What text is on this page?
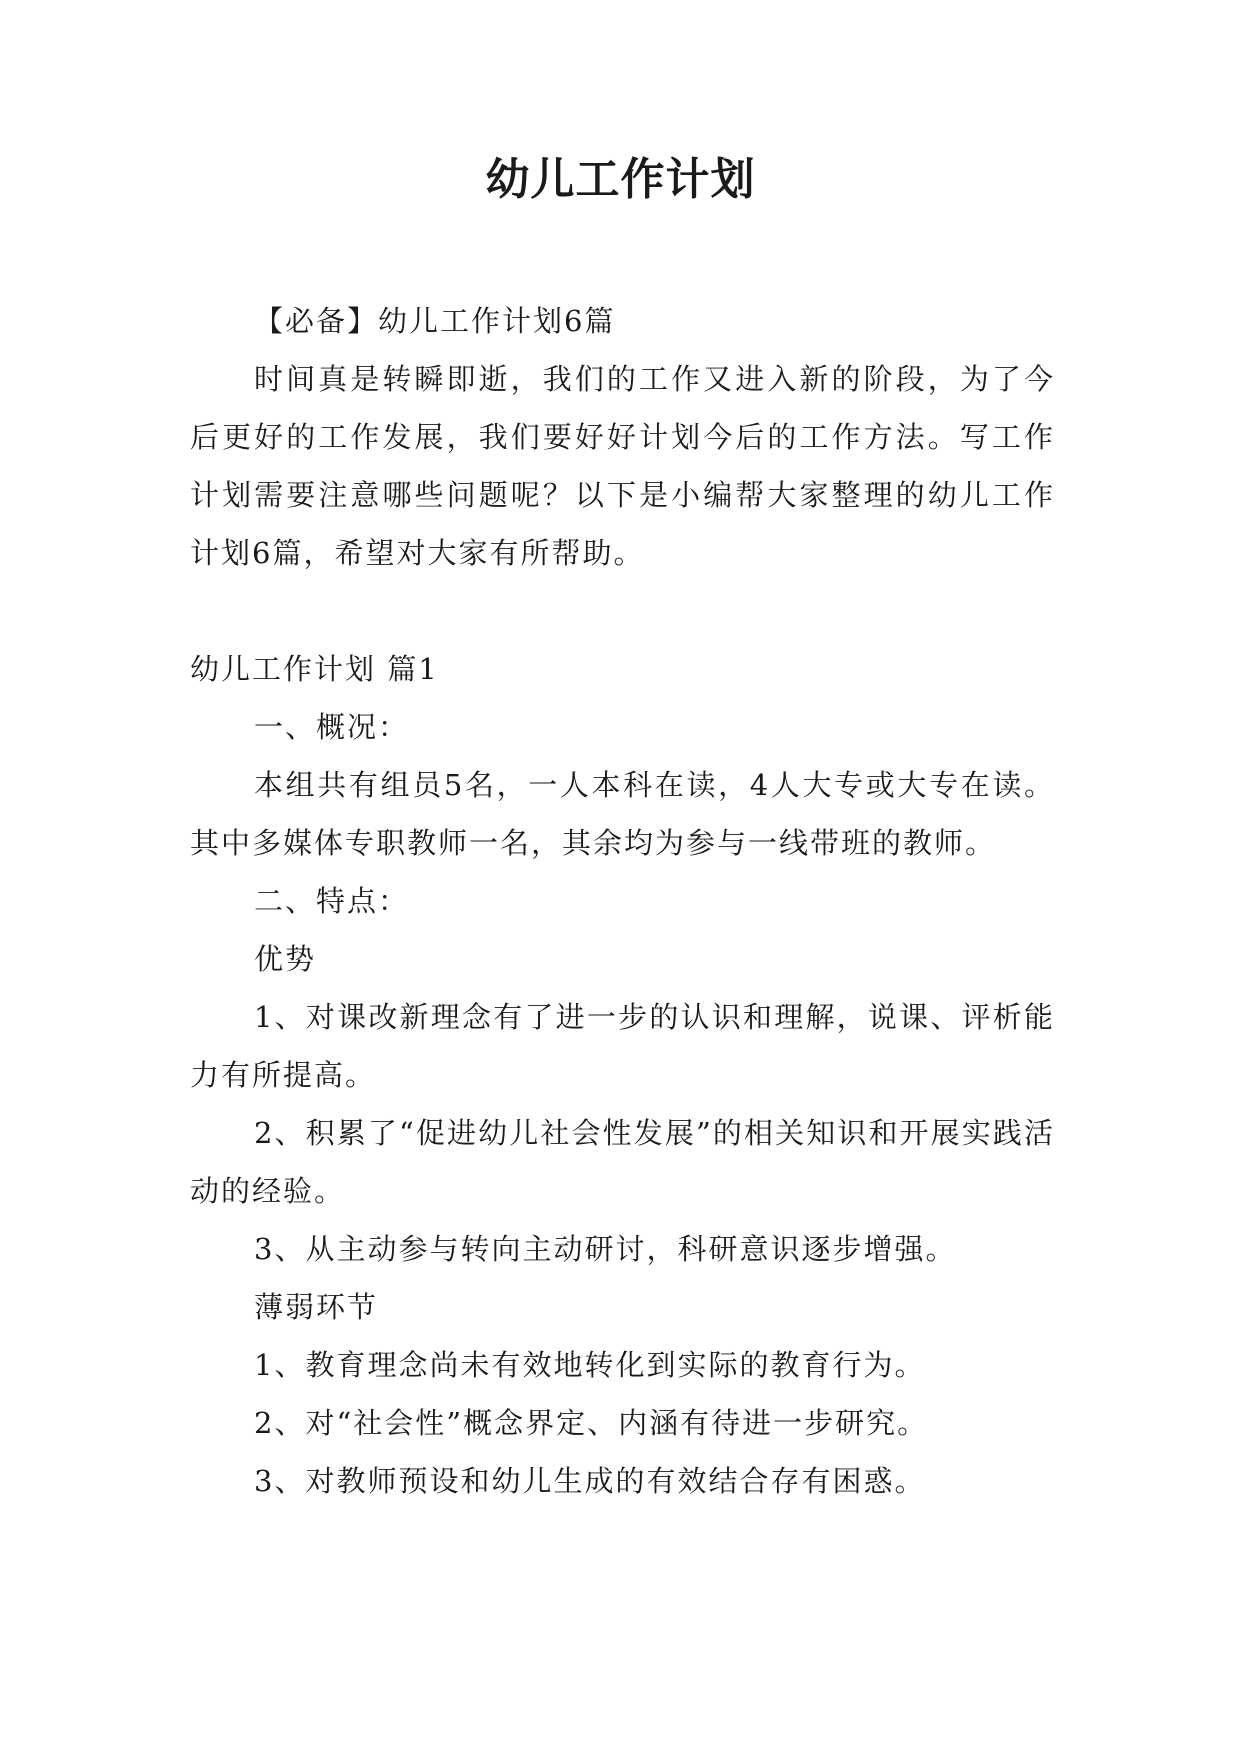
幼儿工作计划

【必备】幼儿工作计划6篇

时间真是转瞬即逝，我们的工作又进入新的阶段，为了今后更好的工作发展，我们要好好计划今后的工作方法。写工作计划需要注意哪些问题呢？以下是小编帮大家整理的幼儿工作计划6篇，希望对大家有所帮助。

幼儿工作计划 篇1

一、概况：

本组共有组员5名，一人本科在读，4人大专或大专在读。其中多媒体专职教师一名，其余均为参与一线带班的教师。

二、特点：

优势

1、对课改新理念有了进一步的认识和理解，说课、评析能力有所提高。

2、积累了“促进幼儿社会性发展”的相关知识和开展实践活动的经验。

3、从主动参与转向主动研讨，科研意识逐步增强。

薄弱环节

1、教育理念尚未有效地转化到实际的教育行为。

2、对“社会性”概念界定、内涵有待进一步研究。

3、对教师预设和幼儿生成的有效结合存有困惑。
